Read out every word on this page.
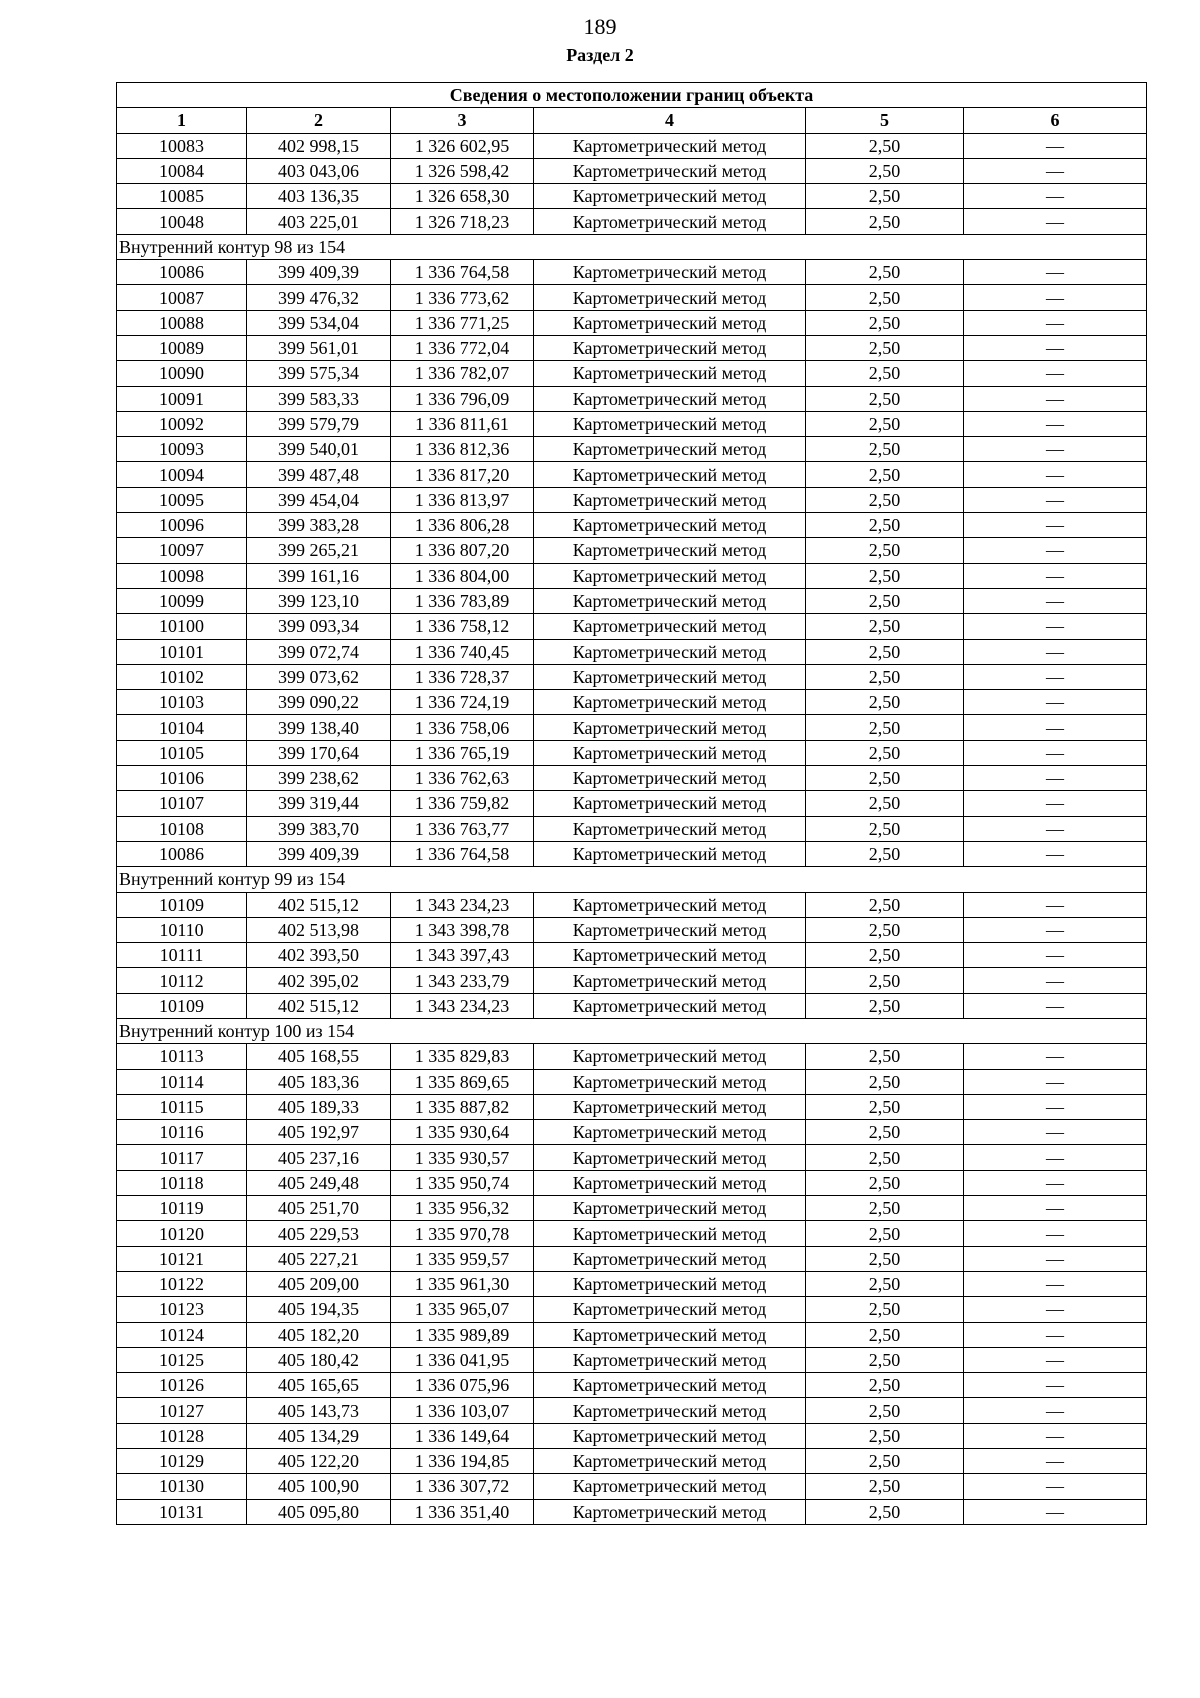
189
Раздел 2
Сведения о местоположении границ объекта					
1	2	3	4	5	6
10083	402 998,15	1 326 602,95	Картометрический метод	2,50	—
10084	403 043,06	1 326 598,42	Картометрический метод	2,50	—
10085	403 136,35	1 326 658,30	Картометрический метод	2,50	—
10048	403 225,01	1 326 718,23	Картометрический метод	2,50	—
Внутренний контур 98 из 154					
10086	399 409,39	1 336 764,58	Картометрический метод	2,50	—
10087	399 476,32	1 336 773,62	Картометрический метод	2,50	—
10088	399 534,04	1 336 771,25	Картометрический метод	2,50	—
10089	399 561,01	1 336 772,04	Картометрический метод	2,50	—
10090	399 575,34	1 336 782,07	Картометрический метод	2,50	—
10091	399 583,33	1 336 796,09	Картометрический метод	2,50	—
10092	399 579,79	1 336 811,61	Картометрический метод	2,50	—
10093	399 540,01	1 336 812,36	Картометрический метод	2,50	—
10094	399 487,48	1 336 817,20	Картометрический метод	2,50	—
10095	399 454,04	1 336 813,97	Картометрический метод	2,50	—
10096	399 383,28	1 336 806,28	Картометрический метод	2,50	—
10097	399 265,21	1 336 807,20	Картометрический метод	2,50	—
10098	399 161,16	1 336 804,00	Картометрический метод	2,50	—
10099	399 123,10	1 336 783,89	Картометрический метод	2,50	—
10100	399 093,34	1 336 758,12	Картометрический метод	2,50	—
10101	399 072,74	1 336 740,45	Картометрический метод	2,50	—
10102	399 073,62	1 336 728,37	Картометрический метод	2,50	—
10103	399 090,22	1 336 724,19	Картометрический метод	2,50	—
10104	399 138,40	1 336 758,06	Картометрический метод	2,50	—
10105	399 170,64	1 336 765,19	Картометрический метод	2,50	—
10106	399 238,62	1 336 762,63	Картометрический метод	2,50	—
10107	399 319,44	1 336 759,82	Картометрический метод	2,50	—
10108	399 383,70	1 336 763,77	Картометрический метод	2,50	—
10086	399 409,39	1 336 764,58	Картометрический метод	2,50	—
Внутренний контур 99 из 154					
10109	402 515,12	1 343 234,23	Картометрический метод	2,50	—
10110	402 513,98	1 343 398,78	Картометрический метод	2,50	—
10111	402 393,50	1 343 397,43	Картометрический метод	2,50	—
10112	402 395,02	1 343 233,79	Картометрический метод	2,50	—
10109	402 515,12	1 343 234,23	Картометрический метод	2,50	—
Внутренний контур 100 из 154					
10113	405 168,55	1 335 829,83	Картометрический метод	2,50	—
10114	405 183,36	1 335 869,65	Картометрический метод	2,50	—
10115	405 189,33	1 335 887,82	Картометрический метод	2,50	—
10116	405 192,97	1 335 930,64	Картометрический метод	2,50	—
10117	405 237,16	1 335 930,57	Картометрический метод	2,50	—
10118	405 249,48	1 335 950,74	Картометрический метод	2,50	—
10119	405 251,70	1 335 956,32	Картометрический метод	2,50	—
10120	405 229,53	1 335 970,78	Картометрический метод	2,50	—
10121	405 227,21	1 335 959,57	Картометрический метод	2,50	—
10122	405 209,00	1 335 961,30	Картометрический метод	2,50	—
10123	405 194,35	1 335 965,07	Картометрический метод	2,50	—
10124	405 182,20	1 335 989,89	Картометрический метод	2,50	—
10125	405 180,42	1 336 041,95	Картометрический метод	2,50	—
10126	405 165,65	1 336 075,96	Картометрический метод	2,50	—
10127	405 143,73	1 336 103,07	Картометрический метод	2,50	—
10128	405 134,29	1 336 149,64	Картометрический метод	2,50	—
10129	405 122,20	1 336 194,85	Картометрический метод	2,50	—
10130	405 100,90	1 336 307,72	Картометрический метод	2,50	—
10131	405 095,80	1 336 351,40	Картометрический метод	2,50	—
